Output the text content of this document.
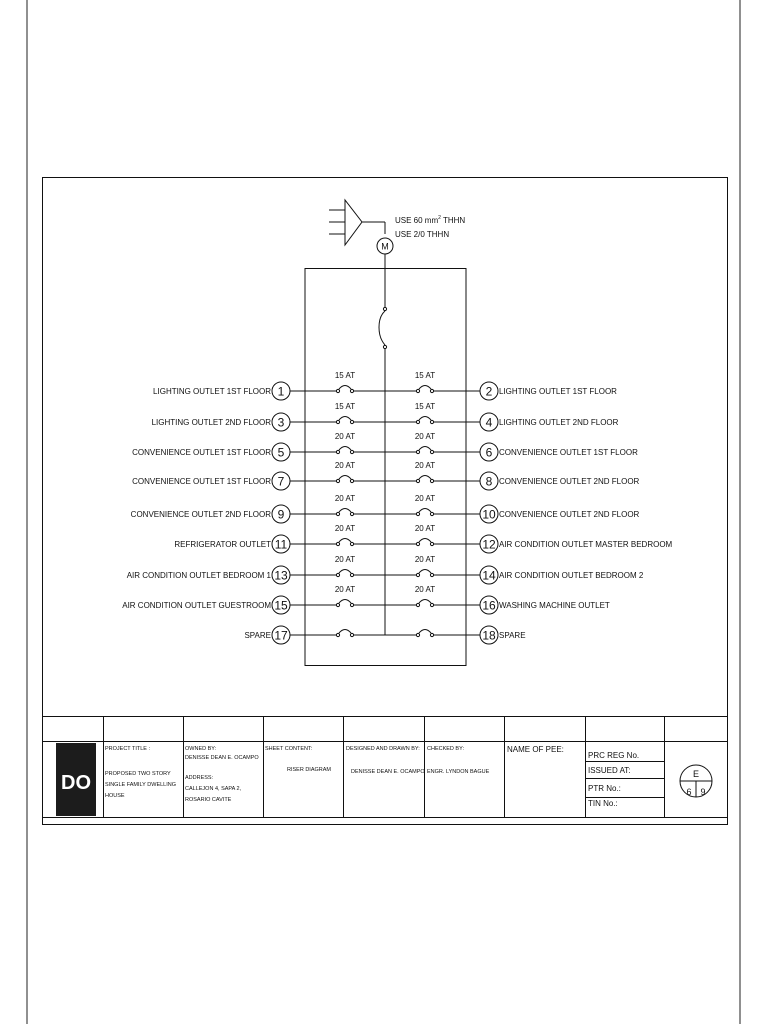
USE 60 $mm^2$ THHN
USE 2/0 THHN
M
15 AT
1
LIGHTING OUTLET 1ST FLOOR
15 AT
3
LIGHTING OUTLET 2ND FLOOR
20 AT
5
CONVENIENCE OUTLET 1ST FLOOR
20 AT
7
CONVENIENCE OUTLET 1ST FLOOR
20 AT
9
CONVENIENCE OUTLET 2ND FLOOR
20 AT
11
REFRIGERATOR OUTLET
20 AT
13
AIR CONDITION OUTLET BEDROOM 1
20 AT
15
AIR CONDITION OUTLET GUESTROOM
17
SPARE
15 AT
2 LIGHTING OUTLET 1ST FLOOR
15 AT
4 LIGHTING OUTLET 2ND FLOOR
20 AT
6 CONVENIENCE OUTLET 1ST FLOOR
20 AT
8 CONVENIENCE OUTLET 2ND FLOOR
20 AT
10 CONVENIENCE OUTLET 2ND FLOOR
20 AT
12 AIR CONDITION OUTLET MASTER BEDROOM
20 AT
14 AIR CONDITION OUTLET BEDROOM 2
20 AT
16 WASHING MACHINE OUTLET
18 SPARE
DO
PROJECT TITLE :
PROPOSED TWO STORY
SINGLE FAMILY DWELLING
HOUSE
OWNED BY:
DENISSE DEAN E. OCAMPO
ADDRESS:
CALLEJON 4, SAPA 2,
ROSARIO CAVITE
SHEET CONTENT:
RISER DIAGRAM
DESIGNED AND DRAWN BY:
DENISSE DEAN E. OCAMPO
CHECKED BY:
ENGR. LYNDON BAGUE
NAME OF PEE:
PRC REG No.
ISSUED AT:
PTR No.:
TIN No.:
E
6 9
